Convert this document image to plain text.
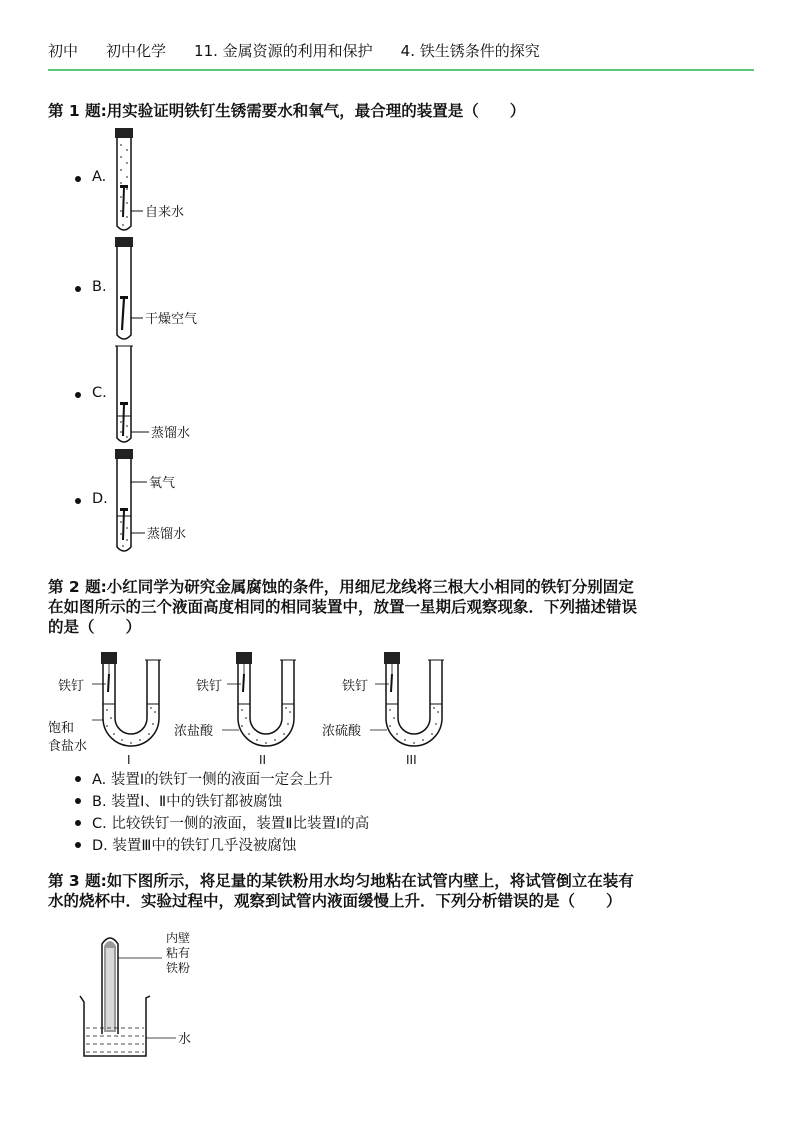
初中 初中化学 11. 金属资源的利用和保护 4. 铁生锈条件的探究
第 1 题:用实验证明铁钉生锈需要水和氧气，最合理的装置是（　　）
A.
自来水
B.
干燥空气
C.
蒸馏水
D.
氧气
蒸馏水
第 2 题:小红同学为研究金属腐蚀的条件，用细尼龙线将三根大小相同的铁钉分别固定
在如图所示的三个液面高度相同的相同装置中，放置一星期后观察现象．下列描述错误
的是（　　）
I
铁钉
饱和
食盐水
II
铁钉
浓盐酸
III
铁钉
浓硫酸
A. 装置Ⅰ的铁钉一侧的液面一定会上升
B. 装置Ⅰ、Ⅱ中的铁钉都被腐蚀
C. 比较铁钉一侧的液面，装置Ⅱ比装置Ⅰ的高
D. 装置Ⅲ中的铁钉几乎没被腐蚀
第 3 题:如下图所示，将足量的某铁粉用水均匀地粘在试管内壁上，将试管倒立在装有
水的烧杯中．实验过程中，观察到试管内液面缓慢上升．下列分析错误的是（　　）
内壁
粘有
铁粉
水
